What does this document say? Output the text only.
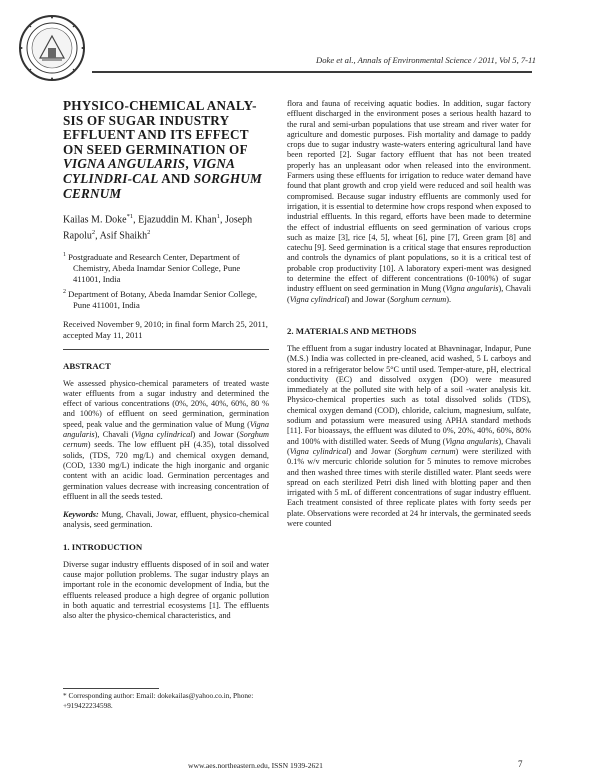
Doke et al., Annals of Environmental Science / 2011, Vol 5, 7-11
PHYSICO-CHEMICAL ANALY-SIS OF SUGAR INDUSTRY EFFLUENT AND ITS EFFECT ON SEED GERMINATION OF VIGNA ANGULARIS, VIGNA CYLINDRI-CAL AND SORGHUM CERNUM
Kailas M. Doke$^{*1}$, Ejazuddin M. Khan$^1$, Joseph Rapolu$^2$, Asif Shaikh$^2$
$^1$ Postgraduate and Research Center, Department of Chemistry, Abeda Inamdar Senior College, Pune 411001, India
$^2$ Department of Botany, Abeda Inamdar Senior College, Pune 411001, India
Received November 9, 2010; in final form March 25, 2011, accepted May 11, 2011
ABSTRACT

We assessed physico-chemical parameters of treated waste water effluents from a sugar industry and determined the effect of various concentrations (0%, 20%, 40%, 60%, 80 % and 100%) of effluent on seed germination, germination speed, peak value and the germination value of Mung (Vigna angularis), Chavali (Vigna cylindrical) and Jowar (Sorghum cernum) seeds. The low effluent pH (4.35), total dissolved solids, (TDS, 720 mg/L) and chemical oxygen demand, (COD, 1330 mg/L) indicate the high inorganic and organic content with an acidic load. Germination percentages and germination values decrease with increasing concentration of effluent in all the seeds tested.

Keywords: Mung, Chavali, Jowar, effluent, physico-chemical analysis, seed germination.
1. INTRODUCTION

Diverse sugar industry effluents disposed of in soil and water cause major pollution problems. The sugar industry plays an important role in the economic development of India, but the effluents released produce a high degree of organic pollution in both aquatic and terrestrial ecosystems [1]. The effluents also alter the physico-chemical characteristics, and

flora and fauna of receiving aquatic bodies. In addition, sugar factory effluent discharged in the environment poses a serious health hazard to the rural and semi-urban populations that use stream and river water for agriculture and domestic purposes. Fish mortality and damage to paddy crops due to sugar industry waste-waters entering agricultural land have been reported [2]. Sugar factory effluent that has not been treated properly has an unpleasant odor when released into the environment. Farmers using these effluents for irrigation to reduce water demand have found that plant growth and crop yield were reduced and soil health was compromised. Because sugar industry effluents are commonly used for irrigation, it is essential to determine how crops respond when exposed to industrial effluents. In this regard, efforts have been made to determine the effect of industrial effluents on seed germination of various crops such as maize [3], rice [4, 5], wheat [6], pine [7], Green gram [8] and catechu [9]. Seed germination is a critical stage that ensures reproduction and controls the dynamics of plant populations, so it is a critical test of probable crop productivity [10]. A laboratory experi-ment was designed to determine the effect of different concentrations (0-100%) of sugar industry effluent on seed germination in Mung (Vigna angularis), Chavali (Vigna cylindrical) and Jowar (Sorghum cernum).

2. MATERIALS AND METHODS

The effluent from a sugar industry located at Bhavninagar, Indapur, Pune (M.S.) India was collected in pre-cleaned, acid washed, 5 L carboys and stored in a refrigerator below 5°C until used. Temper-ature, pH, electrical conductivity (EC) and dissolved oxygen (DO) were measured immediately at the polluted site with help of a soil -water analysis kit. Physico-chemical properties such as total dissolved solids (TDS), chemical oxygen demand (COD), chloride, calcium, magnesium, sulfate, sodium and potassium were measured using APHA standard methods [11]. For bioassays, the effluent was diluted to 0%, 20%, 40%, 60%, 80% and 100% with distilled water. Seeds of Mung (Vigna angularis), Chavali (Vigna cylindrical) and Jowar (Sorghum cernum) were sterilized with 0.1% w/v mercuric chloride solution for 5 minutes to remove microbes and then washed three times with sterile distilled water. Plant seeds were spread on each sterilized Petri dish lined with blotting paper and then irrigated with 5 mL of different concentrations of sugar industry effluent. Each treatment consisted of three replicate plates with forty seeds per plate. Observations were recorded at 24 hr intervals, the germinated seeds were counted

* Corresponding author: Email: dokekailas@yahoo.co.in, Phone: +919422234598.
www.aes.northeastern.edu, ISSN 1939-2621	7
